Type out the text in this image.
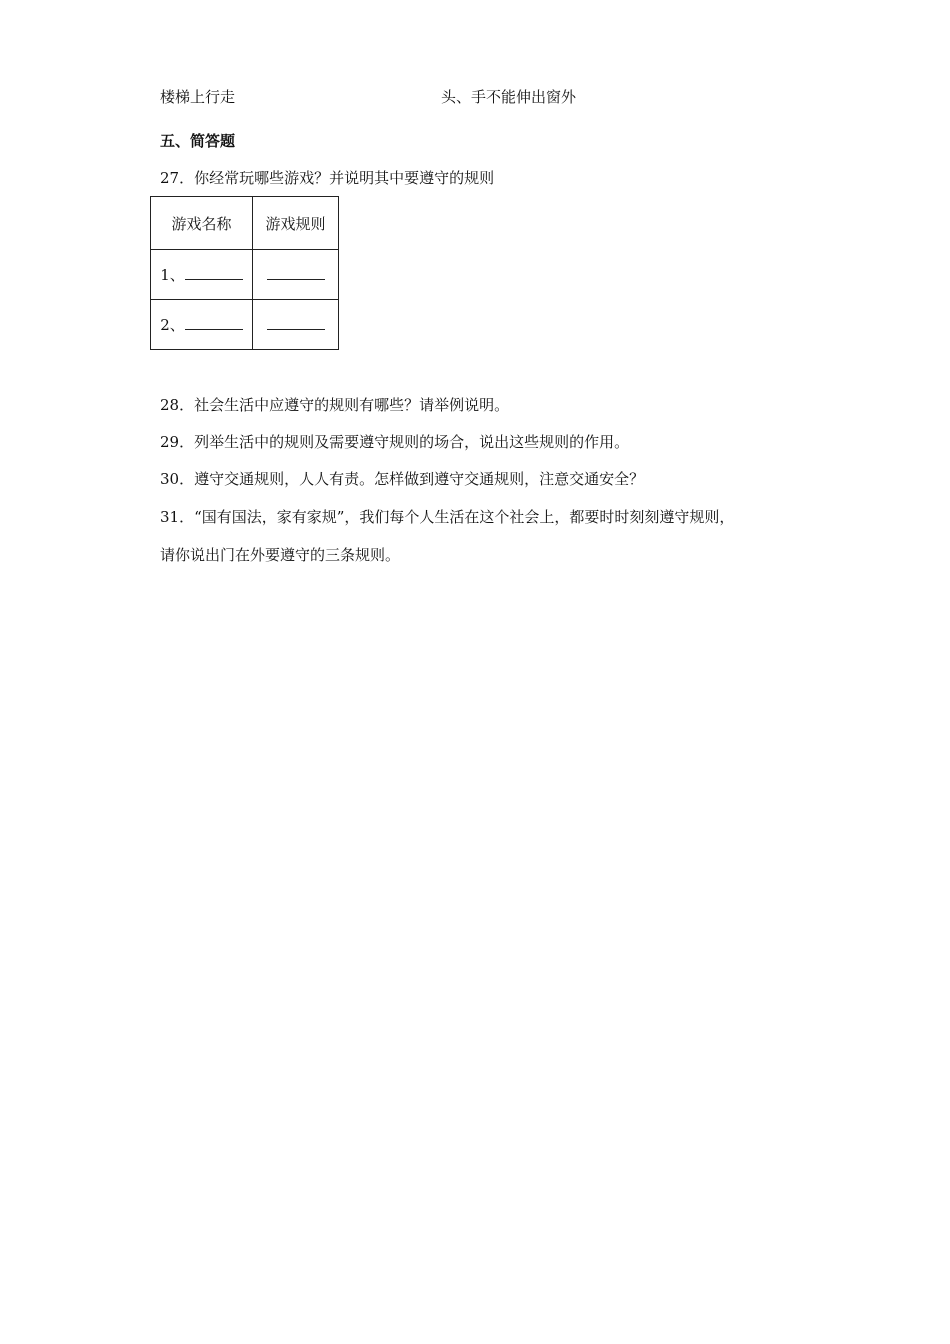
楼梯上行走	头、手不能伸出窗外
五、简答题
27．你经常玩哪些游戏？并说明其中要遵守的规则
游戏名称	游戏规则
1、	
2、	
28．社会生活中应遵守的规则有哪些？请举例说明。
29．列举生活中的规则及需要遵守规则的场合，说出这些规则的作用。
30．遵守交通规则，人人有责。怎样做到遵守交通规则，注意交通安全？
31．“国有国法，家有家规”，我们每个人生活在这个社会上，都要时时刻刻遵守规则，
请你说出门在外要遵守的三条规则。
